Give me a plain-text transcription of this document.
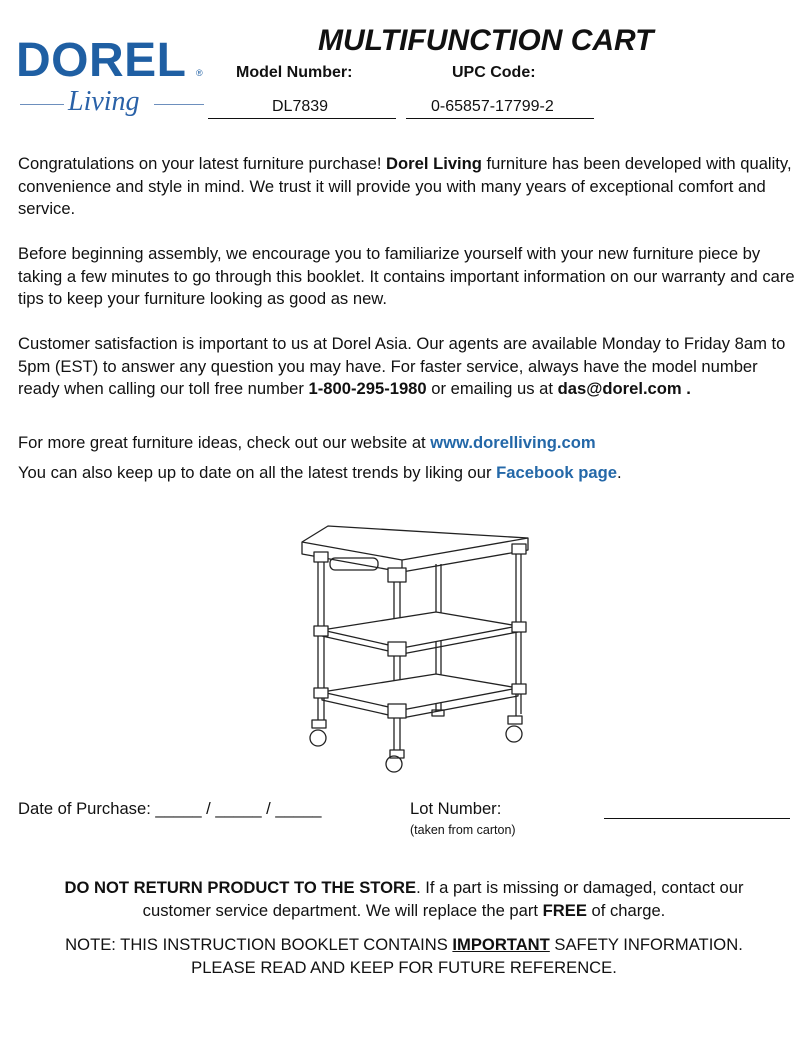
DOREL ®
Living
MULTIFUNCTION CART
Model Number:	UPC Code:
DL7839	0-65857-17799-2

Congratulations on your latest furniture purchase! Dorel Living furniture has been developed with quality, convenience and style in mind. We trust it will provide you with many years of exceptional comfort and service.

Before beginning assembly, we encourage you to familiarize yourself with your new furniture piece by taking a few minutes to go through this booklet. It contains important information on our warranty and care tips to keep your furniture looking as good as new.

Customer satisfaction is important to us at Dorel Asia. Our agents are available Monday to Friday 8am to 5pm (EST) to answer any question you may have. For faster service, always have the model number ready when calling our toll free number 1-800-295-1980 or emailing us at das@dorel.com .

For more great furniture ideas, check out our website at www.dorelliving.com

You can also keep up to date on all the latest trends by liking our Facebook page.

Date of Purchase: _____ / _____ / _____	Lot Number:
(taken from carton)

DO NOT RETURN PRODUCT TO THE STORE. If a part is missing or damaged, contact our

customer service department. We will replace the part FREE of charge.

NOTE: THIS INSTRUCTION BOOKLET CONTAINS IMPORTANT SAFETY INFORMATION.

PLEASE READ AND KEEP FOR FUTURE REFERENCE.
